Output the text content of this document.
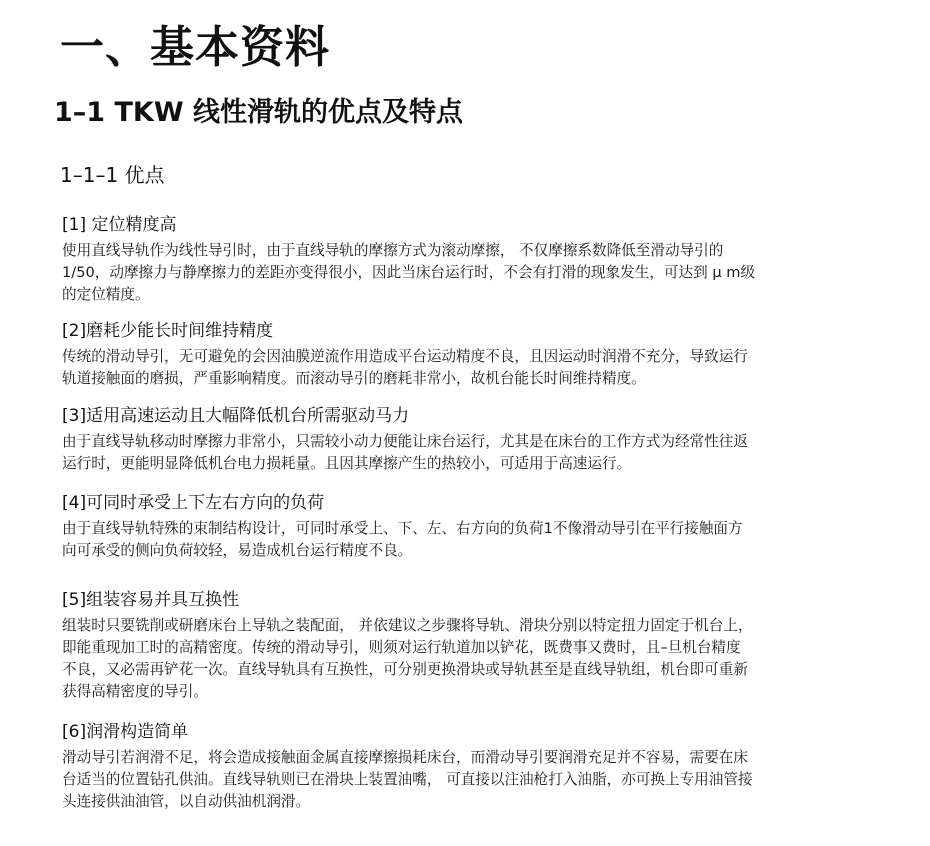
一、基本资料
1–1 TKW 线性滑轨的优点及特点
1–1–1 优点
[1] 定位精度高
使用直线导轨作为线性导引时，由于直线导轨的摩擦方式为滚动摩擦， 不仅摩擦系数降低至滑动导引的
1/50，动摩擦力与静摩擦力的差距亦变得很小，因此当床台运行时，不会有打滑的现象发生，可达到 μ m级
的定位精度。
[2]磨耗少能长时间维持精度
传统的滑动导引，无可避免的会因油膜逆流作用造成平台运动精度不良，且因运动时润滑不充分，导致运行
轨道接触面的磨损，严重影响精度。而滚动导引的磨耗非常小，故机台能长时间维持精度。
[3]适用高速运动且大幅降低机台所需驱动马力
由于直线导轨移动时摩擦力非常小，只需较小动力便能让床台运行，尤其是在床台的工作方式为经常性往返
运行时，更能明显降低机台电力损耗量。且因其摩擦产生的热较小，可适用于高速运行。
[4]可同时承受上下左右方向的负荷
由于直线导轨特殊的束制结构设计，可同时承受上、下、左、右方向的负荷1不像滑动导引在平行接触面方
向可承受的侧向负荷较轻，易造成机台运行精度不良。
[5]组装容易并具互换性
组装时只要铣削或研磨床台上导轨之装配面， 并依建议之步骤将导轨、滑块分别以特定扭力固定于机台上，
即能重现加工时的高精密度。传统的滑动导引，则须对运行轨道加以铲花，既费事又费时，且–旦机台精度
不良，又必需再铲花一次。直线导轨具有互换性，可分别更换滑块或导轨甚至是直线导轨组，机台即可重新
获得高精密度的导引。
[6]润滑构造简单
滑动导引若润滑不足，将会造成接触面金属直接摩擦损耗床台，而滑动导引要润滑充足并不容易，需要在床
台适当的位置钻孔供油。直线导轨则已在滑块上装置油嘴， 可直接以注油枪打入油脂，亦可换上专用油管接
头连接供油油管，以自动供油机润滑。
